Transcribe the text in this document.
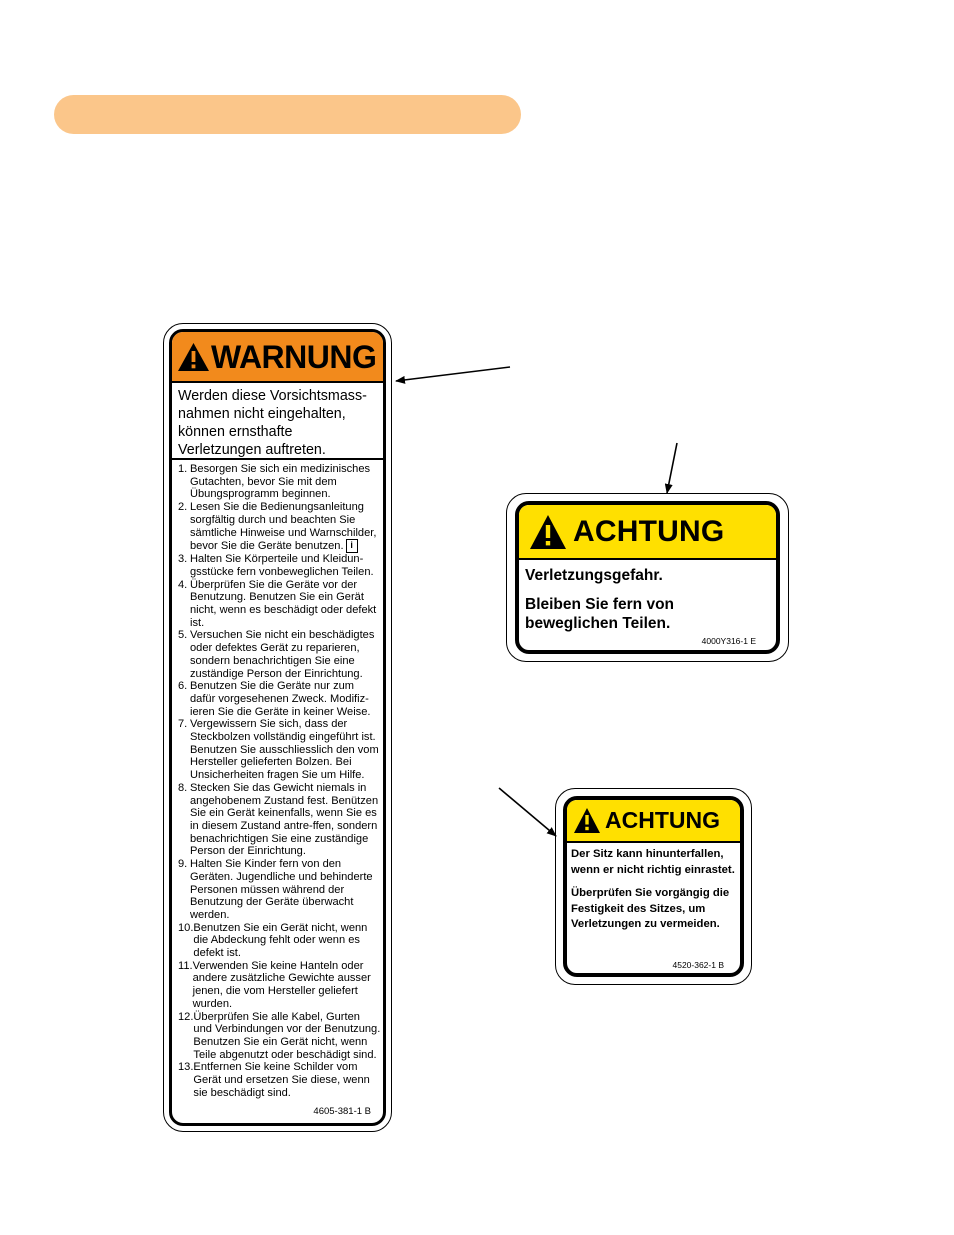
WARNUNG
Werden diese Vorsichtsmass-
nahmen nicht eingehalten,
können ernsthafte
Verletzungen auftreten.
1. Besorgen Sie sich ein medizinisches Gutachten, bevor Sie mit dem Übungsprogramm beginnen.
2. Lesen Sie die Bedienungsanleitung sorgfältig durch und beachten Sie sämtliche Hinweise und Warnschilder, bevor Sie die Geräte benutzen. i
3. Halten Sie Körperteile und Kleidun-gsstücke fern vonbeweglichen Teilen.
4. Überprüfen Sie die Geräte vor der Benutzung. Benutzen Sie ein Gerät nicht, wenn es beschädigt oder defekt ist.
5. Versuchen Sie nicht ein beschädigtes oder defektes Gerät zu reparieren, sondern benachrichtigen Sie eine zuständige Person der Einrichtung.
6. Benutzen Sie die Geräte nur zum dafür vorgesehenen Zweck. Modifiz-ieren Sie die Geräte in keiner Weise.
7. Vergewissern Sie sich, dass der Steckbolzen vollständig eingeführt ist. Benutzen Sie ausschliesslich den vom Hersteller gelieferten Bolzen. Bei Unsicherheiten fragen Sie um Hilfe.
8. Stecken Sie das Gewicht niemals in angehobenem Zustand fest. Benützen Sie ein Gerät keinenfalls, wenn Sie es in diesem Zustand antre-ffen, sondern benachrichtigen Sie eine zuständige Person der Einrichtung.
9. Halten Sie Kinder fern von den Geräten. Jugendliche und behinderte Personen müssen während der Benutzung der Geräte überwacht werden.
10. Benutzen Sie ein Gerät nicht, wenn die Abdeckung fehlt oder wenn es defekt ist.
11. Verwenden Sie keine Hanteln oder andere zusätzliche Gewichte ausser jenen, die vom Hersteller geliefert wurden.
12. Überprüfen Sie alle Kabel, Gurten und Verbindungen vor der Benutzung. Benutzen Sie ein Gerät nicht, wenn Teile abgenutzt oder beschädigt sind.
13. Entfernen Sie keine Schilder vom Gerät und ersetzen Sie diese, wenn sie beschädigt sind.
4605-381-1 B
ACHTUNG
Verletzungsgefahr.
Bleiben Sie fern von beweglichen Teilen.
4000Y316-1 E
ACHTUNG
Der Sitz kann hinunterfallen, wenn er nicht richtig einrastet.
Überprüfen Sie vorgängig die Festigkeit des Sitzes, um Verletzungen zu vermeiden.
4520-362-1 B
